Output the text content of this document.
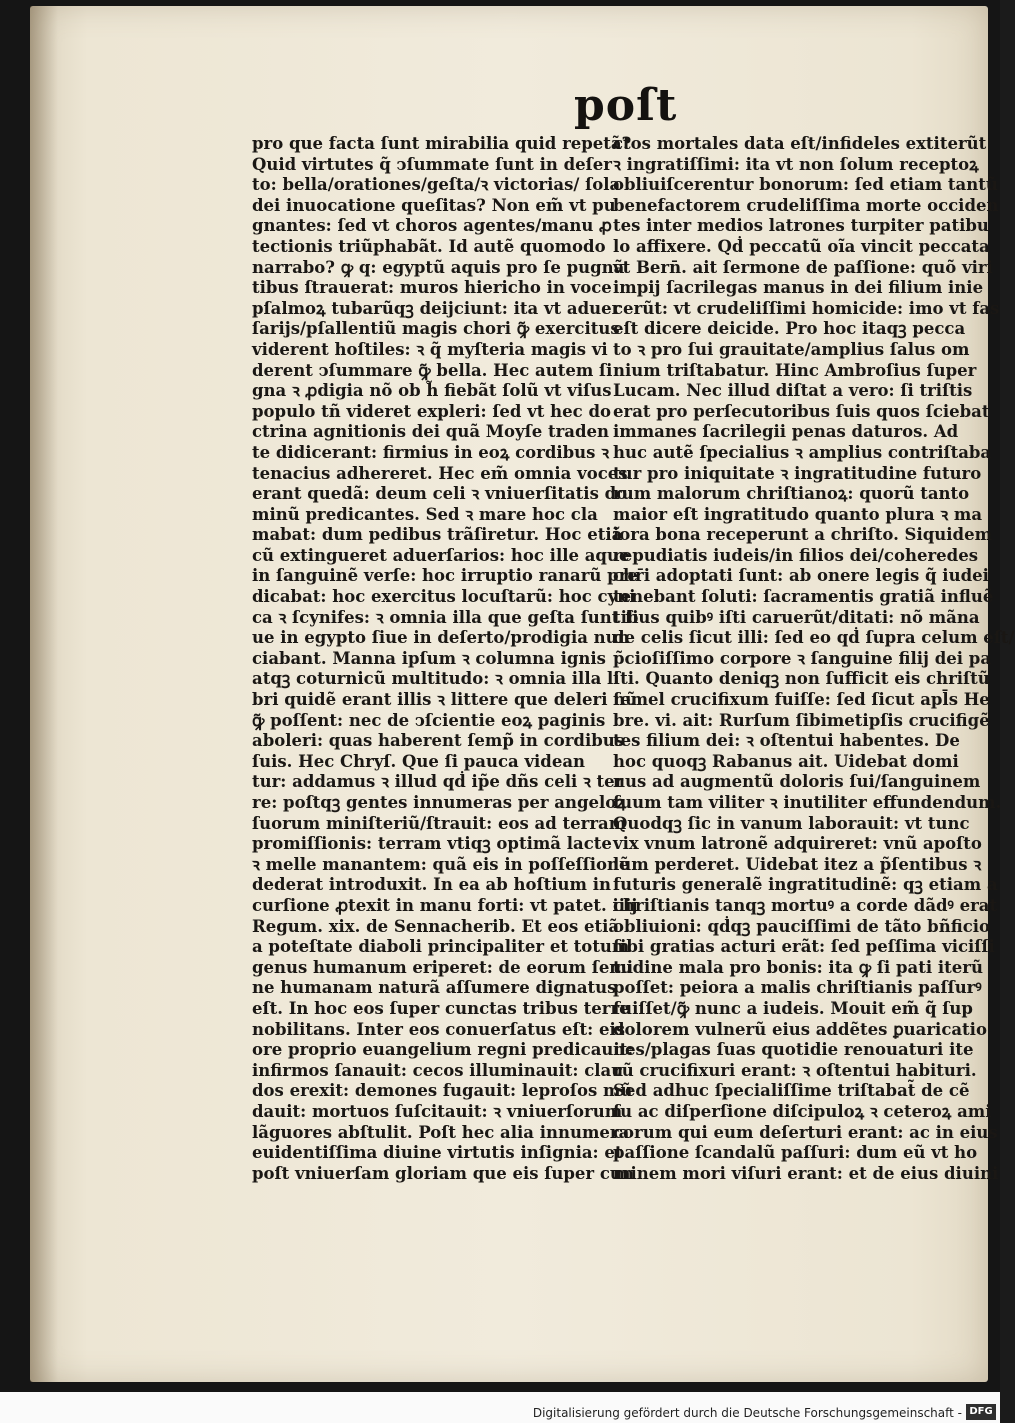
poſt
pro que facta ſunt mirabilia quid repetã?
Quid virtutes q̃ ↄſummate ſunt in deſer
to: bella/orationes/geſta/ꝛ victorias/ ſola
dei inuocatione queſitas? Non em̃ vt pu
gnantes: ſed vt choros agentes/manu ꝓ
tectionis triũphabãt. Id autẽ quomodo
narrabo? ꝙ q: egyptũ aquis pro ſe pugnã
tibus ſtrauerat: muros hiericho in voce
pſalmoꝝ tubarũqꝫ deijciunt: ita vt aduer
ſarijs/pſallentiũ magis chori ꝙ̃ exercitus
viderent hoſtiles: ꝛ q̃ myſteria magis vi
derent ↄſummare ꝙ̃ bella. Hec autem ſi
gna ꝛ ꝓdigia nõ ob h̃ fiebãt ſolũ vt viſus
populo tñ videret expleri: ſed vt hec do
ctrina agnitionis dei quã Moyſe traden
te didicerant: firmius in eoꝝ cordibus ꝛ
tenacius adhereret. Hec em̃ omnia voces
erant quedã: deum celi ꝛ vniuerſitatis do
minũ predicantes. Sed ꝛ mare hoc cla
mabat: dum pedibus trãſiretur. Hoc etiã
cũ extingueret aduerſarios: hoc ille aque
in ſanguinẽ verſe: hoc irruptio ranarũ pre
dicabat: hoc exercitus locuſtarũ: hoc cyni
ca ꝛ ſcynifes: ꝛ omnia illa que geſta ſunt ſi
ue in egypto ſiue in deſerto/prodigia nun
ciabant. Manna ipſum ꝛ columna ignis
atqꝫ coturnicũ multitudo: ꝛ omnia illa li
bri quidẽ erant illis ꝛ littere que deleri nũ
ꝙ̃ poſſent: nec de ↄſcientie eoꝝ paginis
aboleri: quas haberent ſemp̃ in cordibus
ſuis. Hec Chryſ. Que ſi pauca videan
tur: addamus ꝛ illud qḋ ip̃e dñs celi ꝛ ter
re: poſtqꝫ gentes innumeras per angeloꝝ
ſuorum miniſteriũ/ſtrauit: eos ad terram
promiſſionis: terram vtiqꝫ optimã lacte
ꝛ melle manantem: quã eis in poſſeſſionẽ
dederat introduxit. In ea ab hoſtium in
curſione ꝓtexit in manu forti: vt patet. iiij
Regum. xix. de Sennacherib. Et eos etiã
a poteſtate diaboli principaliter et totum
genus humanum eriperet: de eorum ſemi
ne humanam naturã aſſumere dignatus
eſt. In hoc eos ſuper cunctas tribus terre
nobilitans. Inter eos conuerſatus eſt: eis
ore proprio euangelium regni predicauit:
infirmos ſanauit: cecos illuminauit: clau
dos erexit: demones fugauit: leproſos mũ
dauit: mortuos ſuſcitauit: ꝛ vniuerſorum
lãguores abſtulit. Poſt hec alia innumera
euidentiſſima diuine virtutis inſignia: et
poſt vniuerſam gloriam que eis ſuper cun
ctos mortales data eſt/infideles extiterũt
ꝛ ingratiſſimi: ita vt non ſolum receptoꝝ
obliuiſcerentur bonorum: ſed etiam tantũ
benefactorem crudeliſſima morte occiden
tes inter medios latrones turpiter patibu
lo affixere. Qḋ peccatũ oĩa vincit peccata
vt Bern̄. ait ſermone de paſſione: quõ viri
impij ſacrilegas manus in dei filium inie
cerũt: vt crudeliſſimi homicide: imo vt fas
eſt dicere deicide. Pro hoc itaqꝫ pecca
to ꝛ pro ſui grauitate/amplius ſalus om
nium triſtabatur. Hinc Ambroſius ſuper
Lucam. Nec illud diſtat a vero: ſi triſtis
erat pro perſecutoribus ſuis quos ſciebat
immanes ſacrilegii penas daturos. Ad
huc autẽ ſpecialius ꝛ amplius contriſtaba
tur pro iniquitate ꝛ ingratitudine futuro
rum malorum chriſtianoꝝ: quorũ tanto
maior eſt ingratitudo quanto plura ꝛ ma
iora bona receperunt a chriſto. Siquidem
repudiatis iudeis/in filios dei/coheredes
chr̄i adoptati ſunt: ab onere legis q̃ iudei
tenebant ſoluti: ſacramentis gratiã influẽ
tibus quibꝰ iſti caruerũt/ditati: nõ mãna
de celis ſicut illi: ſed eo qḋ ſupra celum eſt/
p̃cioſiſſimo corpore ꝛ ſanguine filij dei pa
ſti. Quanto deniqꝫ non ſufficit eis chriſtũ
ſemel crucifixum fuiſſe: ſed ſicut apl̄s He
bre. vi. ait: Rurſum ſibimetipſis crucifigẽ
tes filium dei: ꝛ oſtentui habentes. De
hoc quoqꝫ Rabanus ait. Uidebat domi
nus ad augmentũ doloris ſui/ſanguinem
ſuum tam viliter ꝛ inutiliter effundendum.
Quodqꝫ ſic in vanum laborauit: vt tunc
vix vnum latronẽ adquireret: vnũ apoſto
lum perderet. Uidebat itez a p̃ſentibus ꝛ
futuris generalẽ ingratitudinẽ: qꝫ etiam a
chriſtianis tanqꝫ mortuꝰ a corde dãdꝰ erat
obliuioni: qḋqꝫ pauciſſimi de tãto bñficio
ſibi gratias acturi erãt: ſed peſſima viciſſi
tudine mala pro bonis: ita ꝙ ſi pati iterũ
poſſet: peiora a malis chriſtianis paſſurꝰ
fuiſſet/ꝙ̃ nunc a iudeis. Mouit em̃ q̃ ſup
dolorem vulnerũ eius addẽtes ꝑuaricatio
nes/plagas ſuas quotidie renouaturi ite
rũ crucifixuri erant: ꝛ oſtentui habituri.
Sed adhuc ſpecialiſſime triſtabat̃ de cẽ
ſu ac diſperſione diſcipuloꝝ ꝛ ceteroꝝ ami
corum qui eum deſerturi erant: ac in eius
paſſione ſcandalũ paſſuri: dum eũ vt ho
minem mori viſuri erant: et de eius diuini
Digitalisierung gefördert durch die Deutsche Forschungsgemeinschaft - DFG
